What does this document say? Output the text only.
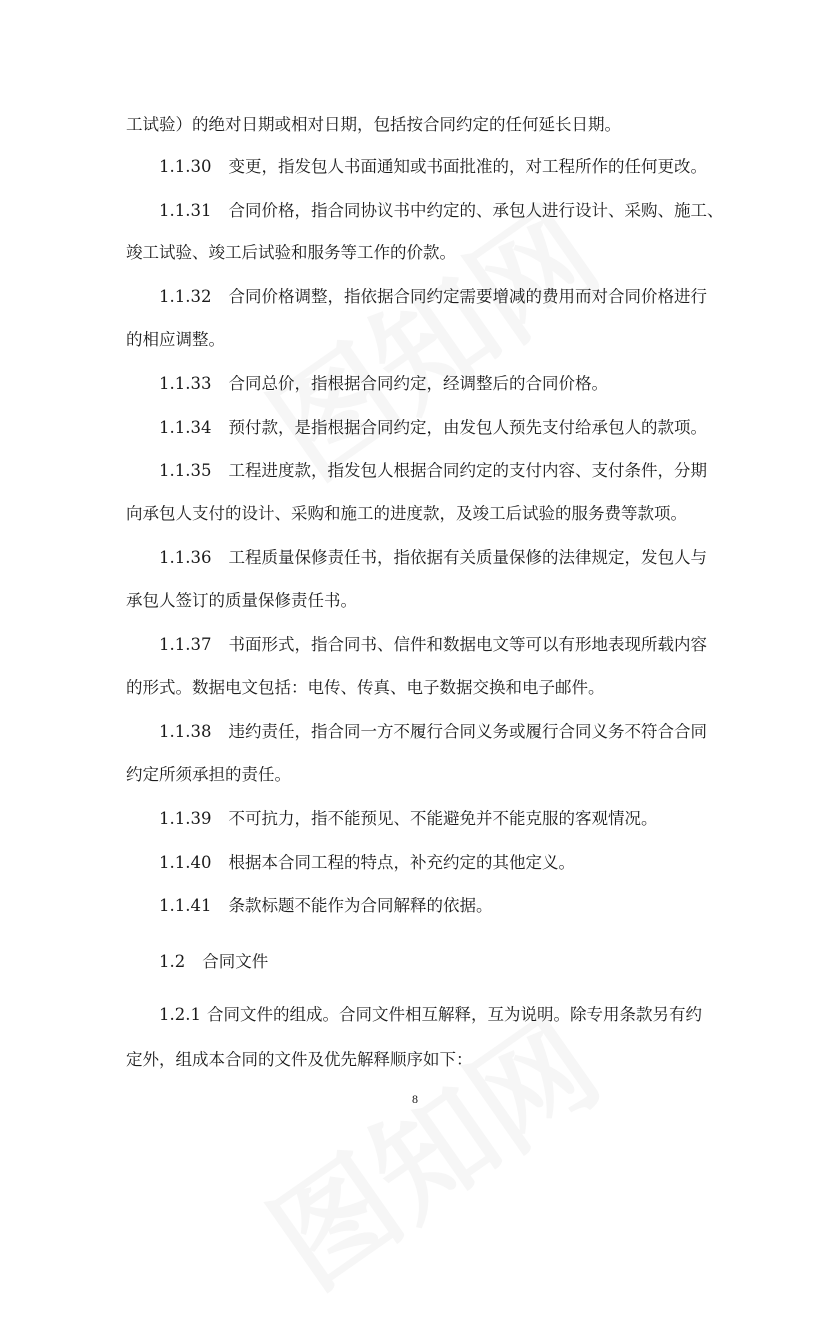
工试验）的绝对日期或相对日期，包括按合同约定的任何延长日期。
1.1.30 变更，指发包人书面通知或书面批准的，对工程所作的任何更改。
1.1.31 合同价格，指合同协议书中约定的、承包人进行设计、采购、施工、
竣工试验、竣工后试验和服务等工作的价款。
1.1.32 合同价格调整，指依据合同约定需要增减的费用而对合同价格进行
的相应调整。
1.1.33 合同总价，指根据合同约定，经调整后的合同价格。
1.1.34 预付款，是指根据合同约定，由发包人预先支付给承包人的款项。
1.1.35 工程进度款，指发包人根据合同约定的支付内容、支付条件，分期
向承包人支付的设计、采购和施工的进度款，及竣工后试验的服务费等款项。
1.1.36 工程质量保修责任书，指依据有关质量保修的法律规定，发包人与
承包人签订的质量保修责任书。
1.1.37 书面形式，指合同书、信件和数据电文等可以有形地表现所载内容
的形式。数据电文包括：电传、传真、电子数据交换和电子邮件。
1.1.38 违约责任，指合同一方不履行合同义务或履行合同义务不符合合同
约定所须承担的责任。
1.1.39 不可抗力，指不能预见、不能避免并不能克服的客观情况。
1.1.40 根据本合同工程的特点，补充约定的其他定义。
1.1.41 条款标题不能作为合同解释的依据。
1.2 合同文件
1.2.1 合同文件的组成。合同文件相互解释，互为说明。除专用条款另有约
定外，组成本合同的文件及优先解释顺序如下：
8
